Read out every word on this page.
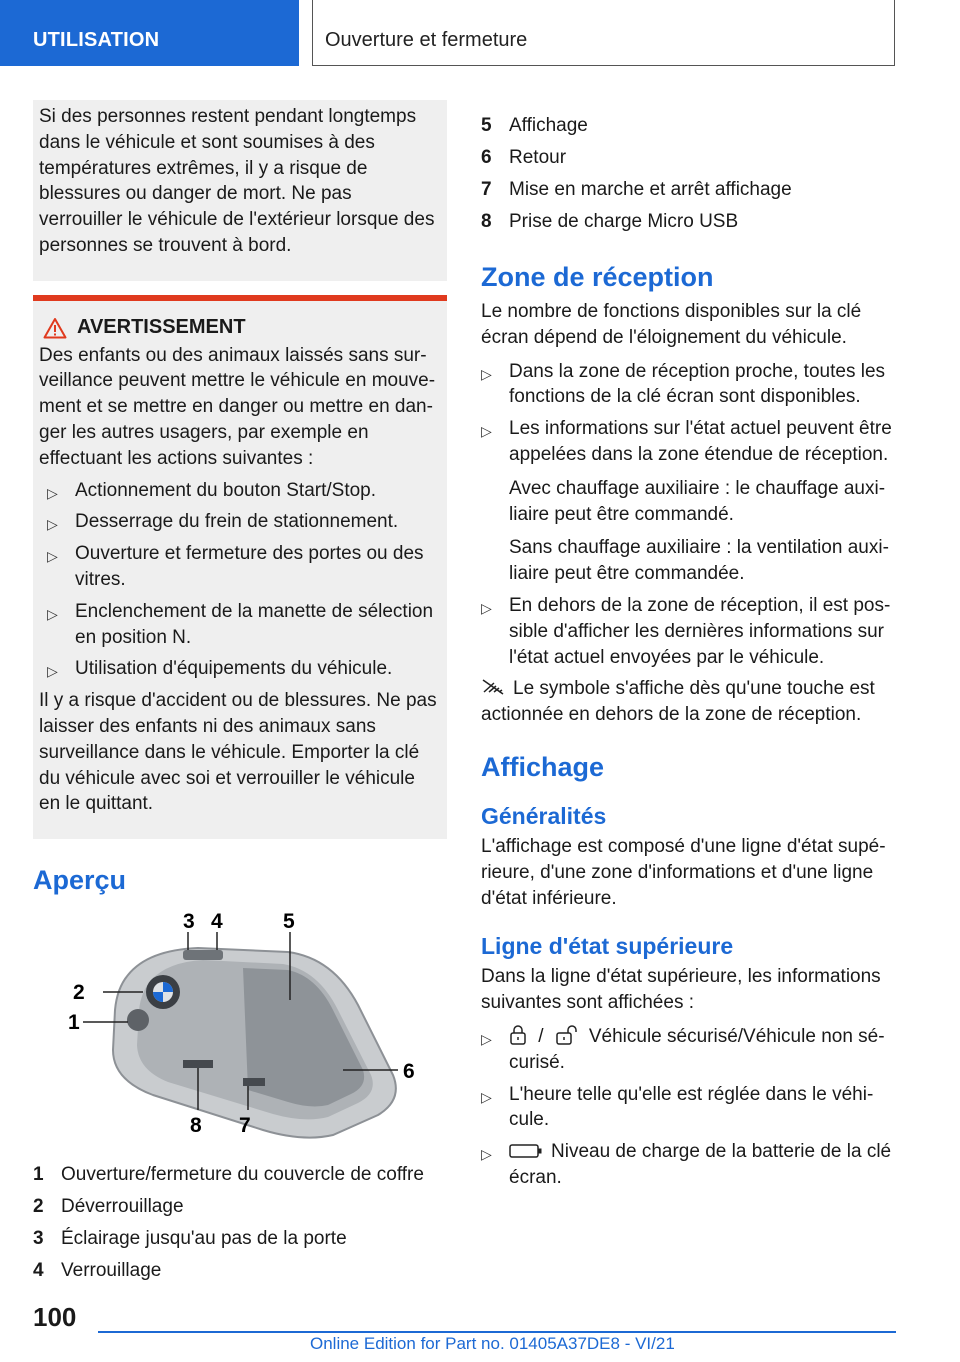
UTILISATION	Ouverture et fermeture

Si des personnes restent pendant longtemps dans le véhicule et sont soumises à des températures extrêmes, il y a risque de blessures ou danger de mort. Ne pas verrouiller le véhicule de l'extérieur lorsque des personnes se trouvent à bord.

AVERTISSEMENT

Des enfants ou des animaux laissés sans surveillance peuvent mettre le véhicule en mouvement et se mettre en danger ou mettre en danger les autres usagers, par exemple en effectuant les actions suivantes :

▷ Actionnement du bouton Start/Stop.
▷ Desserrage du frein de stationnement.
▷ Ouverture et fermeture des portes ou des vitres.
▷ Enclenchement de la manette de sélection en position N.
▷ Utilisation d'équipements du véhicule.

Il y a risque d'accident ou de blessures. Ne pas laisser des enfants ni des animaux sans surveillance dans le véhicule. Emporter la clé du véhicule avec soi et verrouiller le véhicule en le quittant.

Aperçu
3 4	5
2
1
6
8 7
1 Ouverture/fermeture du couvercle de coffre
2 Déverrouillage
3 Éclairage jusqu'au pas de la porte
4 Verrouillage
5 Affichage
6 Retour
7 Mise en marche et arrêt affichage
8 Prise de charge Micro USB
Zone de réception

Le nombre de fonctions disponibles sur la clé écran dépend de l'éloignement du véhicule.

▷ Dans la zone de réception proche, toutes les fonctions de la clé écran sont disponibles.
▷ Les informations sur l'état actuel peuvent être appelées dans la zone étendue de réception.

Avec chauffage auxiliaire : le chauffage auxiliaire peut être commandé.

Sans chauffage auxiliaire : la ventilation auxiliaire peut être commandée.

▷ En dehors de la zone de réception, il est possible d'afficher les dernières informations sur l'état actuel envoyées par le véhicule.

Le symbole s'affiche dès qu'une touche est actionnée en dehors de la zone de réception.

Affichage
Généralités

L'affichage est composé d'une ligne d'état supérieure, d'une zone d'informations et d'une ligne d'état inférieure.

Ligne d'état supérieure

Dans la ligne d'état supérieure, les informations suivantes sont affichées :

▷ / Véhicule sécurisé/Véhicule non sécurisé.
▷ L'heure telle qu'elle est réglée dans le véhicule.
▷	Niveau de charge de la batterie de la clé écran.
100
Online Edition for Part no. 01405A37DE8 - VI/21
